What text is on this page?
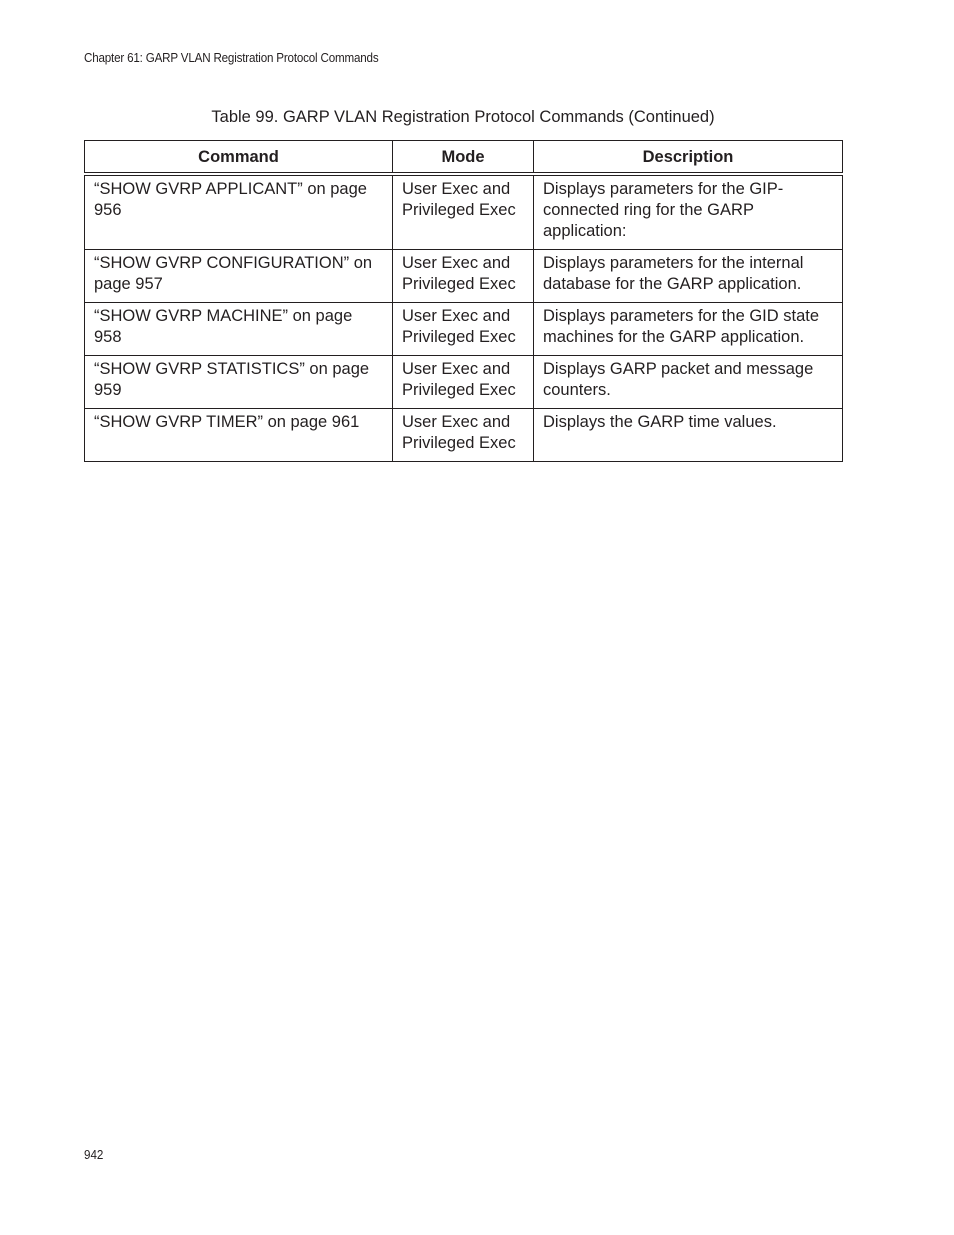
Chapter 61: GARP VLAN Registration Protocol Commands
Table 99. GARP VLAN Registration Protocol Commands (Continued)
Command	Mode	Description
“SHOW GVRP APPLICANT” on page 956	User Exec and Privileged Exec	Displays parameters for the GIP-connected ring for the GARP application:
“SHOW GVRP CONFIGURATION” on page 957	User Exec and Privileged Exec	Displays parameters for the internal database for the GARP application.
“SHOW GVRP MACHINE” on page 958	User Exec and Privileged Exec	Displays parameters for the GID state machines for the GARP application.
“SHOW GVRP STATISTICS” on page 959	User Exec and Privileged Exec	Displays GARP packet and message counters.
“SHOW GVRP TIMER” on page 961	User Exec and Privileged Exec	Displays the GARP time values.
942
